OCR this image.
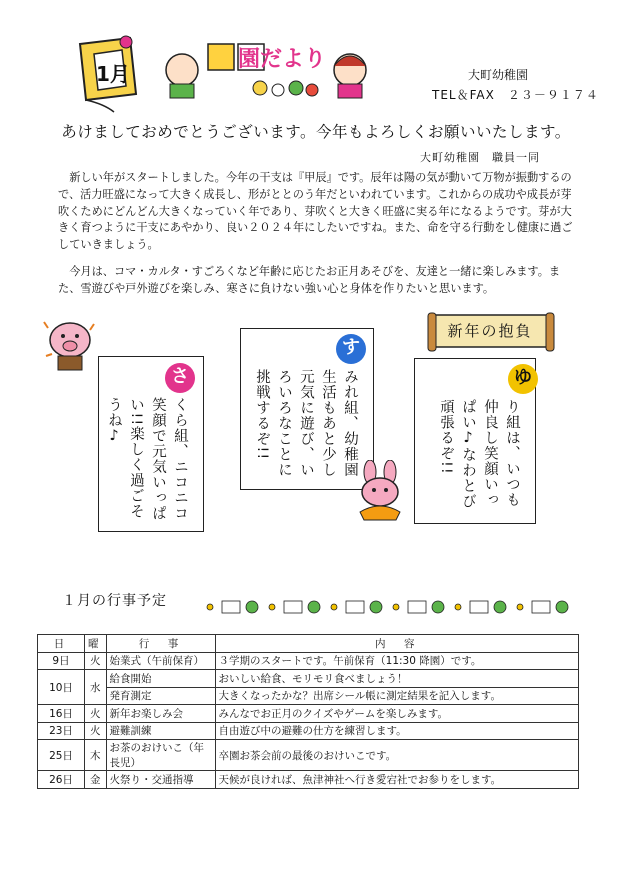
1月
園だより
大町幼稚園
TEL＆FAX　２３－９１７４
あけましておめでとうございます。今年もよろしくお願いいたします。
大町幼稚園　職員一同

新しい年がスタートしました。今年の干支は『甲辰』です。辰年は陽の気が動いて万物が振動するので、活力旺盛になって大きく成長し、形がととのう年だといわれています。これからの成功や成長が芽吹くためにどんどん大きくなっていく年であり、芽吹くと大きく旺盛に実る年になるようです。芽が大きく育つように干支にあやかり、良い２０２４年にしたいですね。また、命を守る行動をし健康に過ごしていきましょう。

今月は、コマ・カルタ・すごろくなど年齢に応じたお正月あそびを、友達と一緒に楽しみます。また、雪遊びや戸外遊びを楽しみ、寒さに負けない強い心と身体を作りたいと思います。

くら組、ニコニコ笑顔で元気いっぱい!!楽しく過ごそうね♪
さ	みれ組、幼稚園生活もあと少し元気に遊び、いろいろなことに挑戦するぞ!!
す
り組は、いつも仲良し笑顔いっぱい♪なわとび頑張るぞ!!
ゆ
新年の抱負
１月の行事予定
日	曜	行　事	内　容
9日	火	始業式（午前保育）	３学期のスタートです。午前保育（11:30 降園）です。
10日	水	給食開始	おいしい給食、モリモリ食べましょう！
		発育測定	大きくなったかな？出席シール帳に測定結果を記入します。
16日	火	新年お楽しみ会	みんなでお正月のクイズやゲームを楽しみます。
23日	火	避難訓練	自由遊び中の避難の仕方を練習します。
25日	木	お茶のおけいこ（年長児）	卒園お茶会前の最後のおけいこです。
26日	金	火祭り・交通指導	天候が良ければ、魚津神社へ行き愛宕社でお参りをします。
